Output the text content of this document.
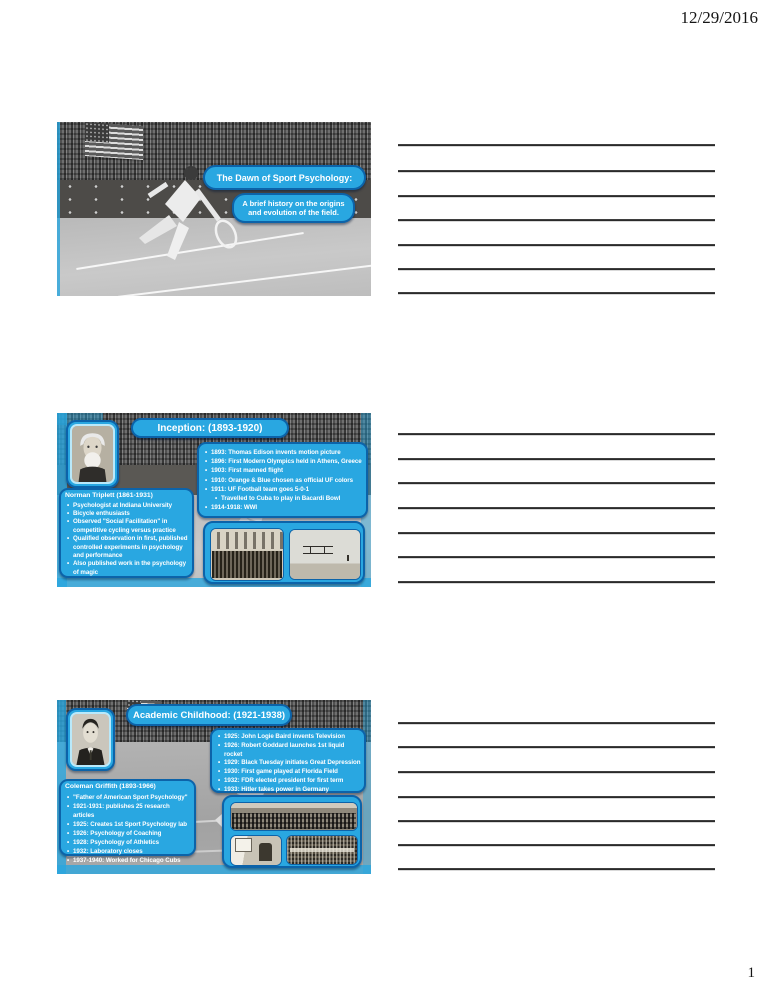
12/29/2016
The Dawn of Sport Psychology:
A brief history on the origins and evolution of the field.
Inception: (1893-1920)
Norman Triplett (1861-1931)
• Psychologist at Indiana University
• Bicycle enthusiasts
• Observed "Social Facilitation" in competitive cycling versus practice
• Qualified observation in first, published controlled experiments in psychology and performance
• Also published work in the psychology of magic
• 1893: Thomas Edison invents motion picture
• 1896: First Modern Olympics held in Athens, Greece
• 1903: First manned flight
• 1910: Orange & Blue chosen as official UF colors
• 1911: UF Football team goes 5-0-1
• Travelled to Cuba to play in Bacardi Bowl
• 1914-1918: WWI
Academic Childhood: (1921-1938)
Coleman Griffith (1893-1966)
• "Father of American Sport Psychology"
• 1921-1931: publishes 25 research articles
• 1925: Creates 1st Sport Psychology lab
• 1926: Psychology of Coaching
• 1928: Psychology of Athletics
• 1932: Laboratory closes
• 1937-1940: Worked for Chicago Cubs
• 1925: John Logie Baird invents Television
• 1926: Robert Goddard launches 1st liquid rocket
• 1929: Black Tuesday initiates Great Depression
• 1930: First game played at Florida Field
• 1932: FDR elected president for first term
• 1933: Hitler takes power in Germany
1
